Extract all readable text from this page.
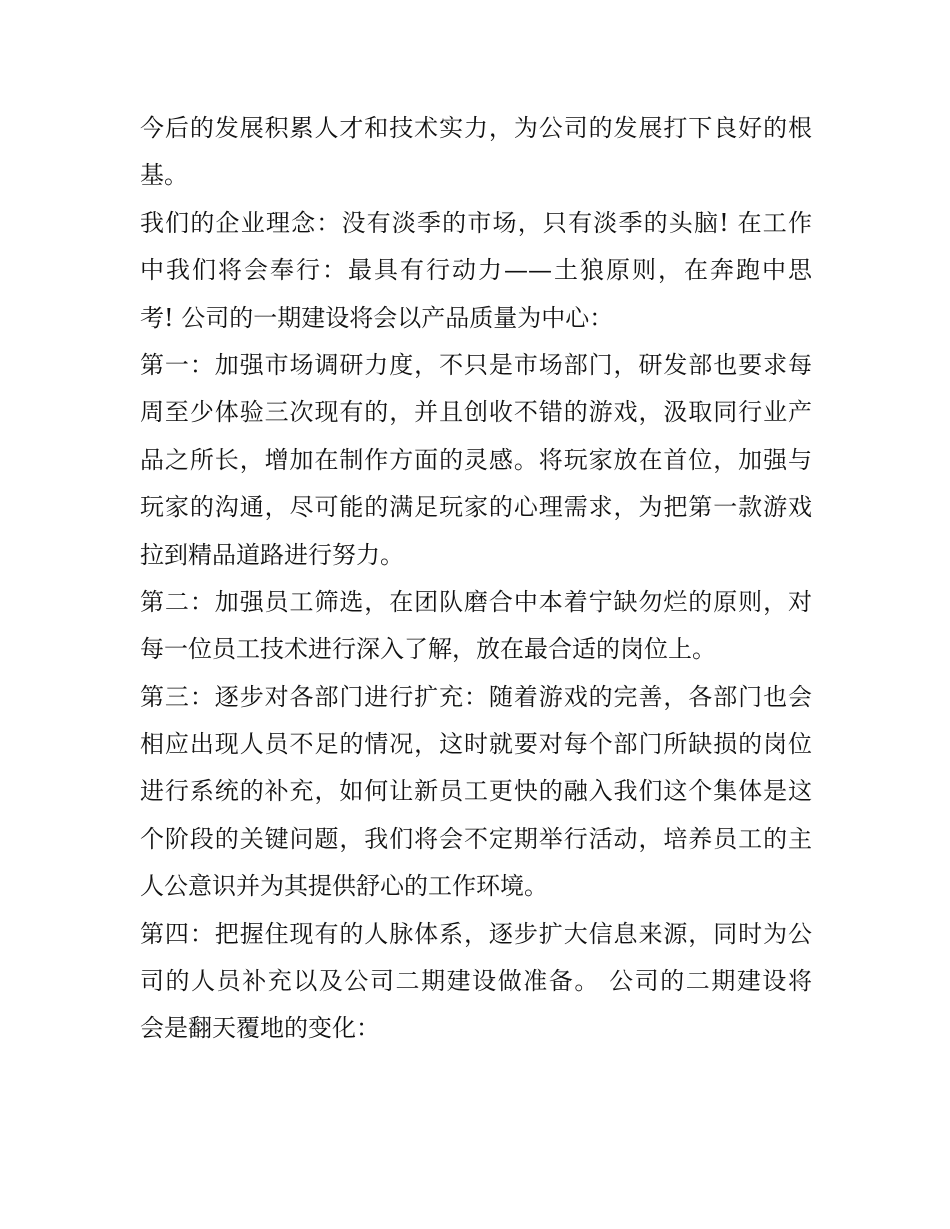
今后的发展积累人才和技术实力，为公司的发展打下良好的根
基。
我们的企业理念：没有淡季的市场，只有淡季的头脑! 在工作
中我们将会奉行：最具有行动力——土狼原则，在奔跑中思
考! 公司的一期建设将会以产品质量为中心：
第一：加强市场调研力度，不只是市场部门，研发部也要求每
周至少体验三次现有的，并且创收不错的游戏，汲取同行业产
品之所长，增加在制作方面的灵感。将玩家放在首位，加强与
玩家的沟通，尽可能的满足玩家的心理需求，为把第一款游戏
拉到精品道路进行努力。
第二：加强员工筛选，在团队磨合中本着宁缺勿烂的原则，对
每一位员工技术进行深入了解，放在最合适的岗位上。
第三：逐步对各部门进行扩充：随着游戏的完善，各部门也会
相应出现人员不足的情况，这时就要对每个部门所缺损的岗位
进行系统的补充，如何让新员工更快的融入我们这个集体是这
个阶段的关键问题，我们将会不定期举行活动，培养员工的主
人公意识并为其提供舒心的工作环境。
第四：把握住现有的人脉体系，逐步扩大信息来源，同时为公
司的人员补充以及公司二期建设做准备。 公司的二期建设将
会是翻天覆地的变化：
